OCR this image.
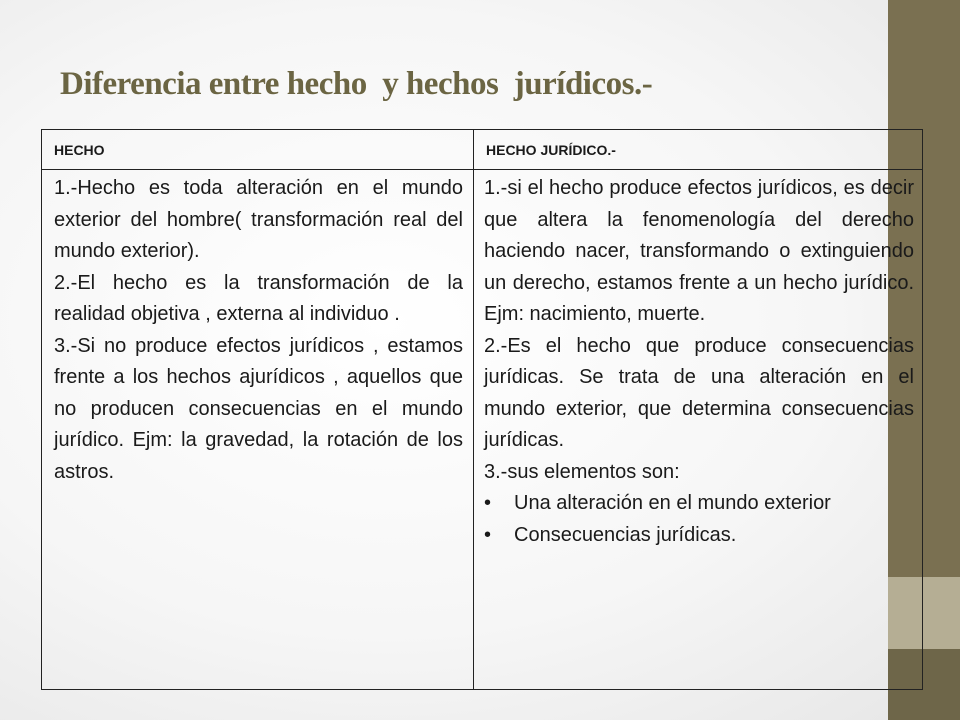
Diferencia entre hecho  y hechos  jurídicos.-
HECHO	HECHO JURÍDICO.-

1.-Hecho es toda alteración en el mundo exterior del hombre( transformación real del mundo exterior).

2.-El hecho es la transformación de la realidad objetiva , externa al individuo .

3.-Si no produce efectos jurídicos , estamos frente a los hechos ajurídicos , aquellos que no producen consecuencias en el mundo jurídico. Ejm: la gravedad, la rotación de los astros.

1.-si el hecho produce efectos jurídicos, es decir que altera la fenomenología del derecho haciendo nacer, transformando o extinguiendo un derecho, estamos frente a un hecho jurídico. Ejm: nacimiento, muerte.

2.-Es el hecho que produce consecuencias jurídicas. Se trata de una alteración en el mundo exterior, que determina consecuencias jurídicas.

3.-sus elementos son:

• Una alteración en el mundo exterior
• Consecuencias jurídicas.
